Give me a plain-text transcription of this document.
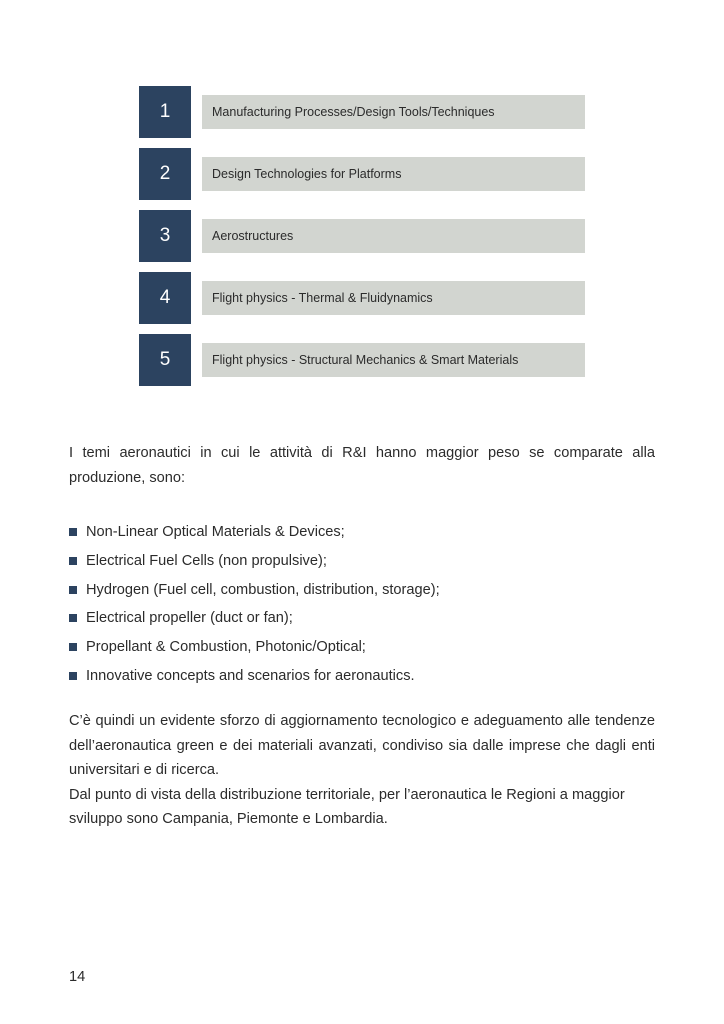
1	Manufacturing Processes/Design Tools/Techniques
2	Design Technologies for Platforms
3	Aerostructures
4	Flight physics - Thermal & Fluidynamics
5	Flight physics - Structural Mechanics & Smart Materials

I temi aeronautici in cui le attività di R&I hanno maggior peso se comparate alla produzione, sono:

Non-Linear Optical Materials & Devices;
Electrical Fuel Cells (non propulsive);
Hydrogen (Fuel cell, combustion, distribution, storage);
Electrical propeller (duct or fan);
Propellant & Combustion, Photonic/Optical;
Innovative concepts and scenarios for aeronautics.
C’è quindi un evidente sforzo di aggiornamento tecnologico e adeguamento alle tendenze dell’aeronautica green e dei materiali avanzati, condiviso sia dalle imprese che dagli enti universitari e di ricerca.
Dal punto di vista della distribuzione territoriale, per l’aeronautica le Regioni a maggior sviluppo sono Campania, Piemonte e Lombardia.
14
